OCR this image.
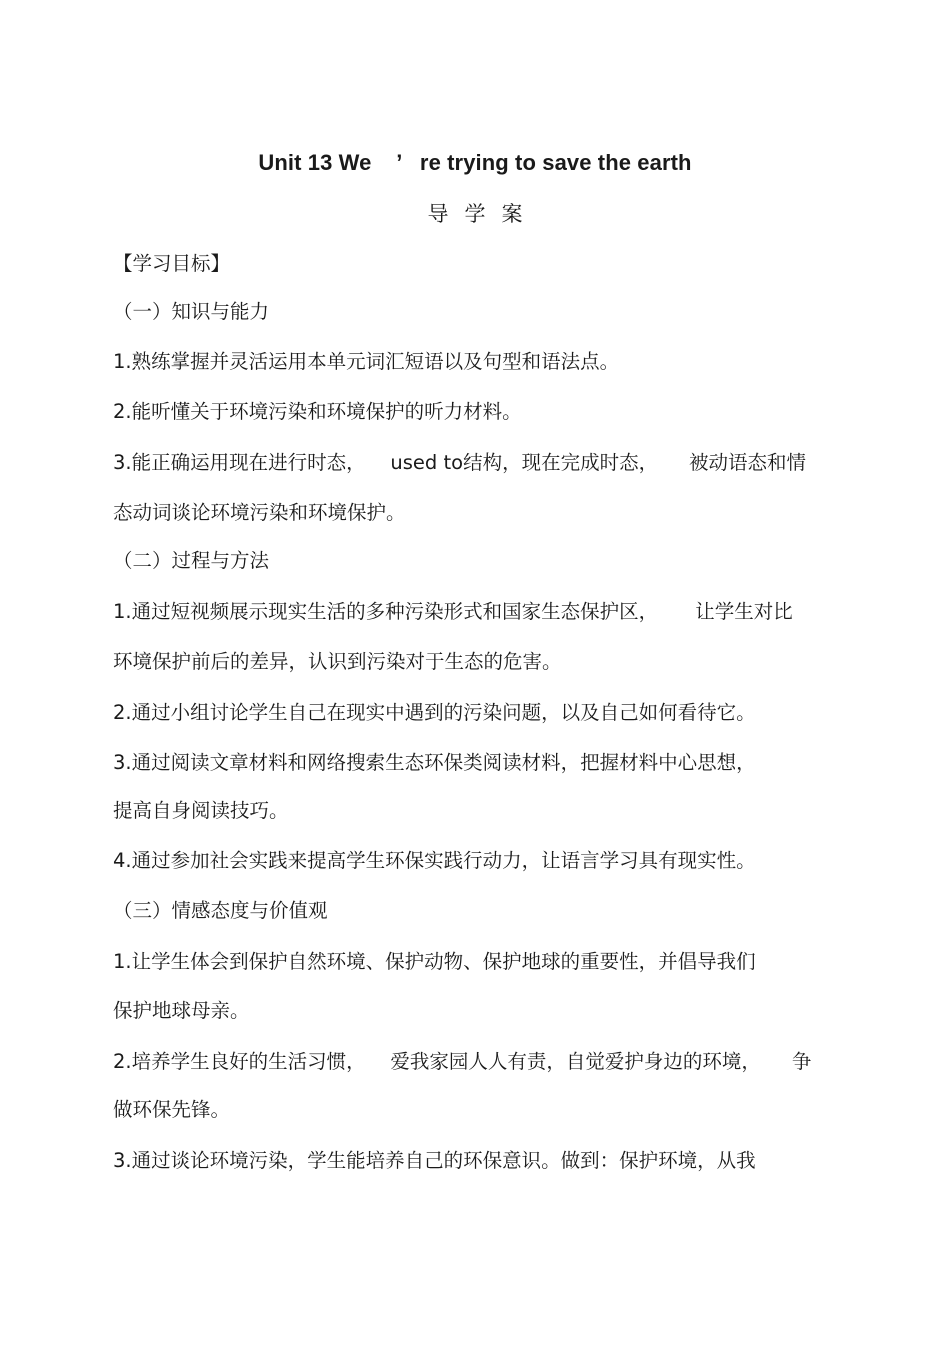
Unit 13 We    ’   re trying to save the earth
导学案
【学习目标】
（一）知识与能力
1.熟练掌握并灵活运用本单元词汇短语以及句型和语法点。
2.能听懂关于环境污染和环境保护的听力材料。
3.能正确运用现在进行时态，    used to结构，现在完成时态，     被动语态和情
态动词谈论环境污染和环境保护。
（二）过程与方法
1.通过短视频展示现实生活的多种污染形式和国家生态保护区，      让学生对比
环境保护前后的差异，认识到污染对于生态的危害。
2.通过小组讨论学生自己在现实中遇到的污染问题，以及自己如何看待它。
3.通过阅读文章材料和网络搜索生态环保类阅读材料，把握材料中心思想，
提高自身阅读技巧。
4.通过参加社会实践来提高学生环保实践行动力，让语言学习具有现实性。
（三）情感态度与价值观
1.让学生体会到保护自然环境、保护动物、保护地球的重要性，并倡导我们
保护地球母亲。
2.培养学生良好的生活习惯，    爱我家园人人有责，自觉爱护身边的环境，     争
做环保先锋。
3.通过谈论环境污染，学生能培养自己的环保意识。做到：保护环境，从我
